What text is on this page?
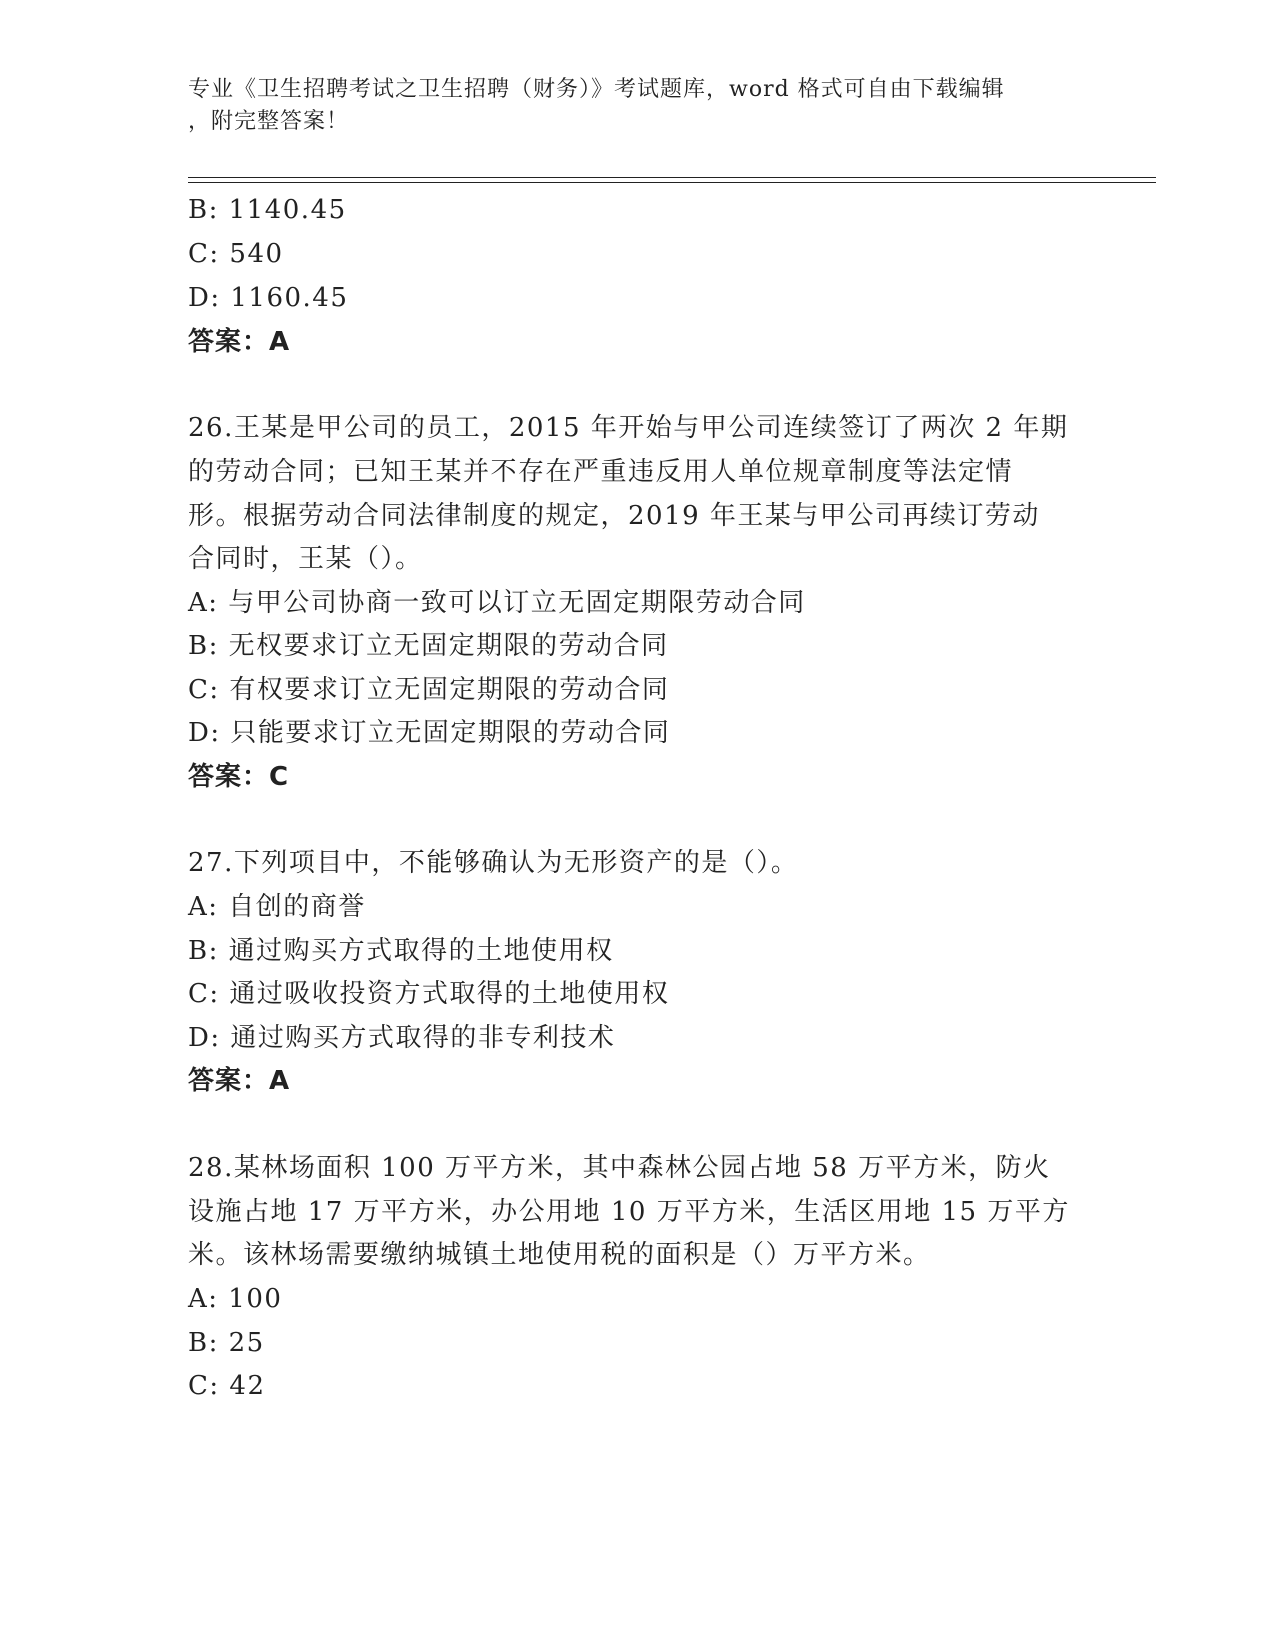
专业《卫生招聘考试之卫生招聘（财务）》考试题库，word 格式可自由下载编辑
，附完整答案！
B: 1140.45
C: 540
D: 1160.45
答案：A
26.王某是甲公司的员工，2015 年开始与甲公司连续签订了两次 2 年期
的劳动合同；已知王某并不存在严重违反用人单位规章制度等法定情
形。根据劳动合同法律制度的规定，2019 年王某与甲公司再续订劳动
合同时，王某（）。
A: 与甲公司协商一致可以订立无固定期限劳动合同
B: 无权要求订立无固定期限的劳动合同
C: 有权要求订立无固定期限的劳动合同
D: 只能要求订立无固定期限的劳动合同
答案：C
27.下列项目中，不能够确认为无形资产的是（）。
A: 自创的商誉
B: 通过购买方式取得的土地使用权
C: 通过吸收投资方式取得的土地使用权
D: 通过购买方式取得的非专利技术
答案：A
28.某林场面积 100 万平方米，其中森林公园占地 58 万平方米，防火
设施占地 17 万平方米，办公用地 10 万平方米，生活区用地 15 万平方
米。该林场需要缴纳城镇土地使用税的面积是（）万平方米。
A: 100
B: 25
C: 42
